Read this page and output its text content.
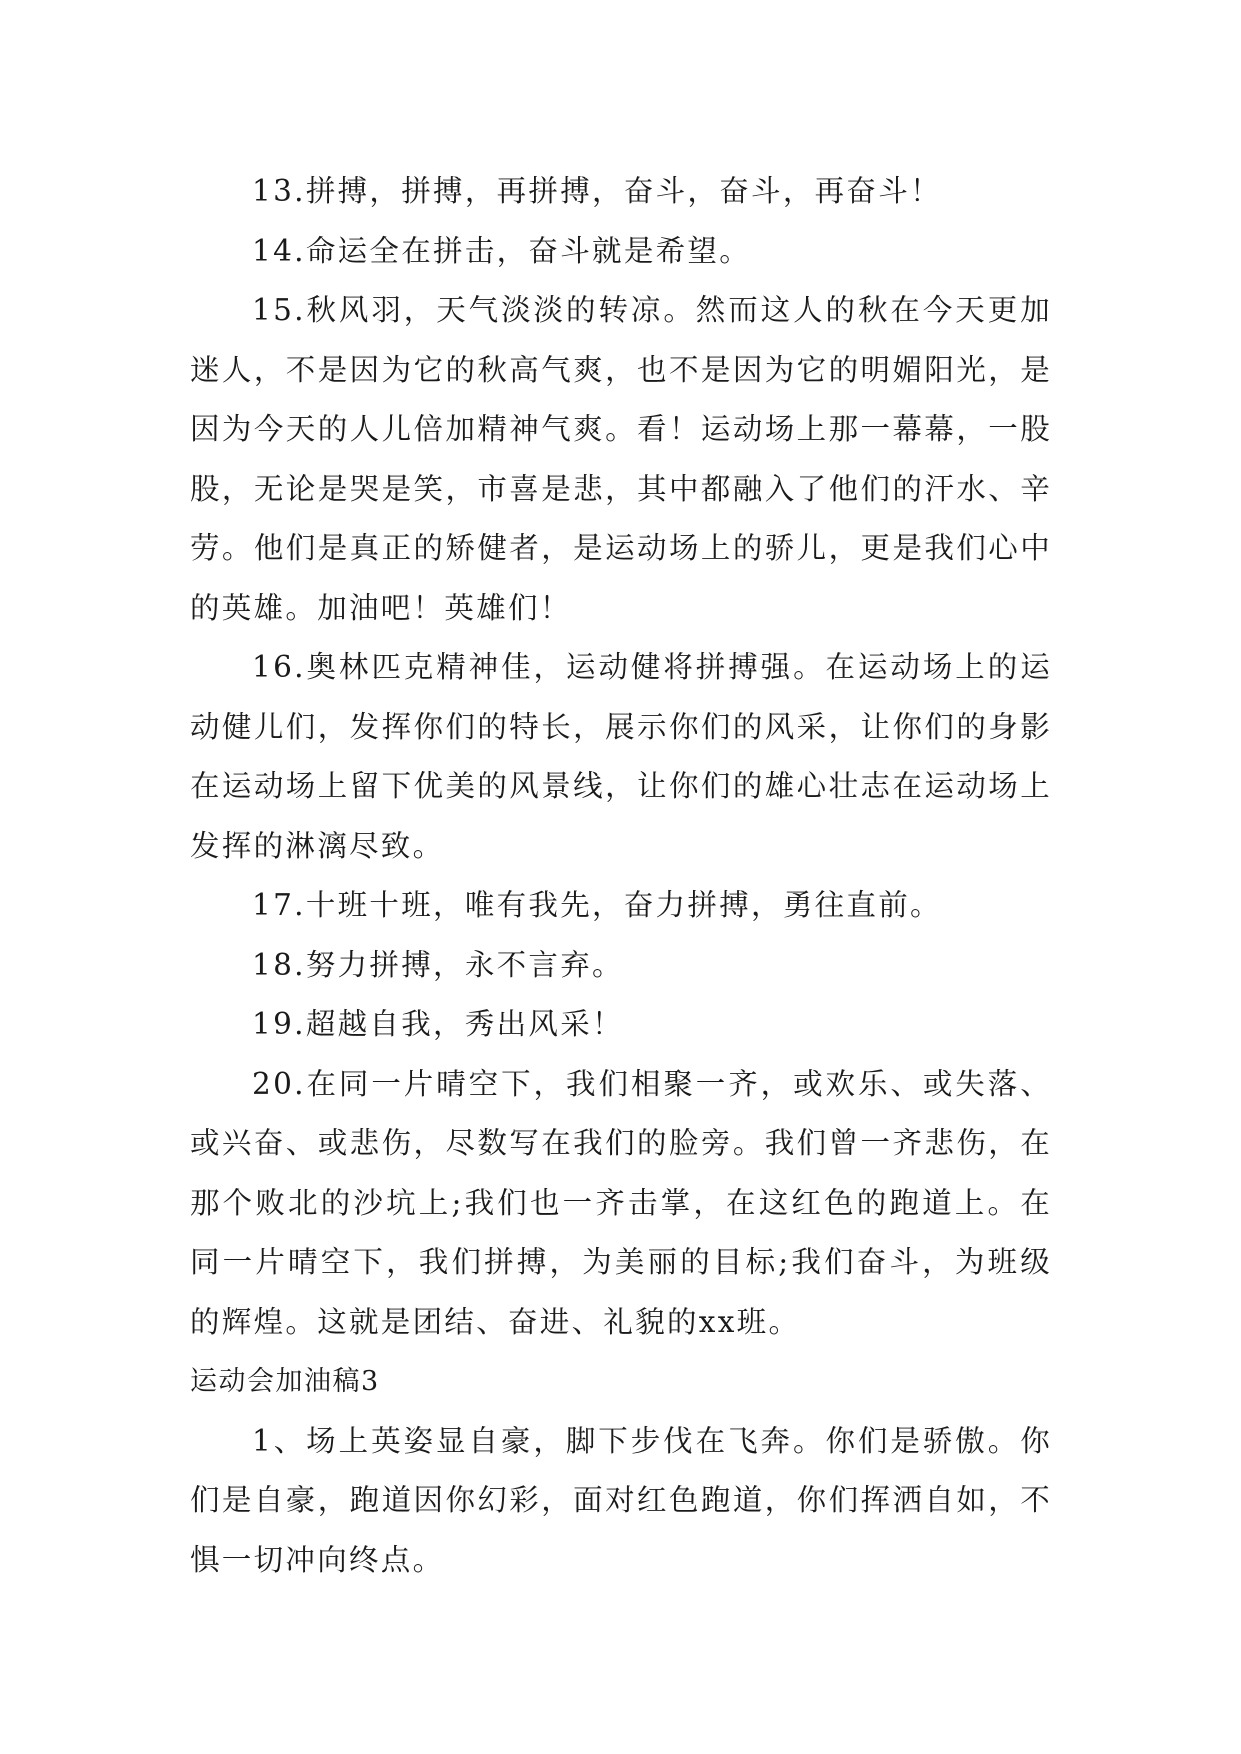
13.拼搏，拼搏，再拼搏，奋斗，奋斗，再奋斗！

14.命运全在拼击，奋斗就是希望。

15.秋风羽，天气淡淡的转凉。然而这人的秋在今天更加迷人，不是因为它的秋高气爽，也不是因为它的明媚阳光，是因为今天的人儿倍加精神气爽。看！运动场上那一幕幕，一股股，无论是哭是笑，市喜是悲，其中都融入了他们的汗水、辛劳。他们是真正的矫健者，是运动场上的骄儿，更是我们心中的英雄。加油吧！英雄们！

16.奥林匹克精神佳，运动健将拼搏强。在运动场上的运动健儿们，发挥你们的特长，展示你们的风采，让你们的身影在运动场上留下优美的风景线，让你们的雄心壮志在运动场上发挥的淋漓尽致。

17.十班十班，唯有我先，奋力拼搏，勇往直前。

18.努力拼搏，永不言弃。

19.超越自我，秀出风采！

20.在同一片晴空下，我们相聚一齐，或欢乐、或失落、或兴奋、或悲伤，尽数写在我们的脸旁。我们曾一齐悲伤，在那个败北的沙坑上;我们也一齐击掌，在这红色的跑道上。在同一片晴空下，我们拼搏，为美丽的目标;我们奋斗，为班级的辉煌。这就是团结、奋进、礼貌的xx班。

运动会加油稿3

1、场上英姿显自豪，脚下步伐在飞奔。你们是骄傲。你们是自豪，跑道因你幻彩，面对红色跑道，你们挥洒自如，不惧一切冲向终点。
